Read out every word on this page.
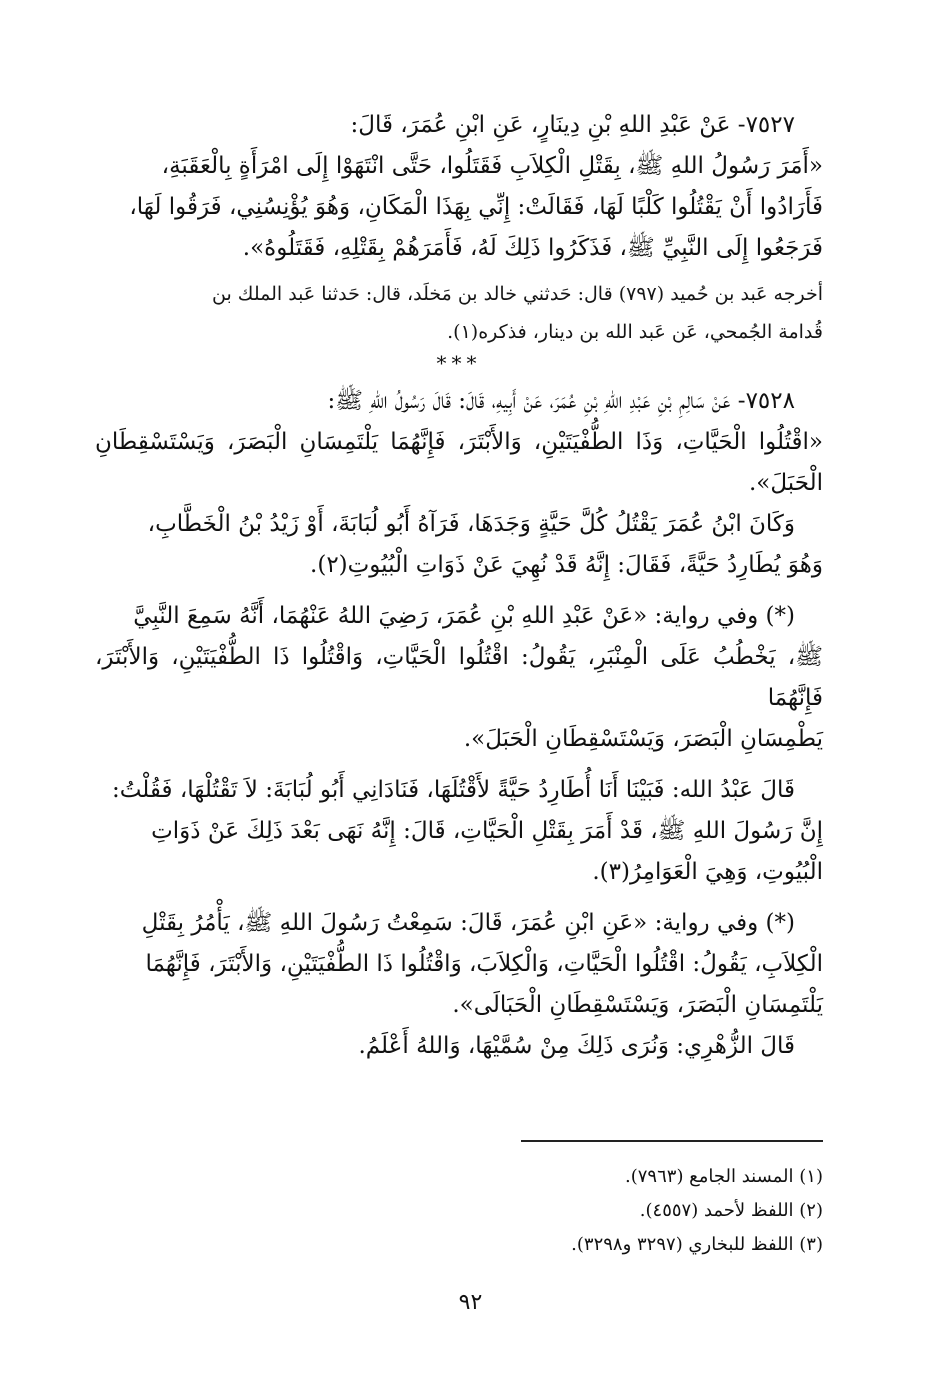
٧٥٢٧- عَنْ عَبْدِ اللهِ بْنِ دِينَارٍ، عَنِ ابْنِ عُمَرَ، قَالَ:
«أَمَرَ رَسُولُ اللهِ ﷺ، بِقَتْلِ الْكِلاَبِ فَقَتَلُوا، حَتَّى انْتَهَوْا إِلَى امْرَأَةٍ بِالْعَقَبَةِ،
فَأَرَادُوا أَنْ يَقْتُلُوا كَلْبًا لَهَا، فَقَالَتْ: إِنِّي بِهَذَا الْمَكَانِ، وَهُوَ يُؤْنِسُنِي، فَرَقُوا لَهَا،
فَرَجَعُوا إِلَى النَّبِيِّ ﷺ، فَذَكَرُوا ذَلِكَ لَهُ، فَأَمَرَهُمْ بِقَتْلِهِ، فَقَتَلُوهُ».
أخرجه عَبد بن حُميد (٧٩٧) قال: حَدثني خالد بن مَخلَد، قال: حَدثنا عَبد الملك بن
قُدامة الجُمحي، عَن عَبد الله بن دينار، فذكره(١).
***
٧٥٢٨- عَنْ سَالِمِ بْنِ عَبْدِ اللهِ بْنِ عُمَرَ، عَنْ أَبِيهِ، قَالَ: قَالَ رَسُولُ اللهِ ﷺ:
«اقْتُلُوا الْحَيَّاتِ، وَذَا الطُّفْيَتَيْنِ، وَالأَبْتَرَ، فَإِنَّهُمَا يَلْتَمِسَانِ الْبَصَرَ، وَيَسْتَسْقِطَانِ الْحَبَلَ».
وَكَانَ ابْنُ عُمَرَ يَقْتُلُ كُلَّ حَيَّةٍ وَجَدَهَا، فَرَآهُ أَبُو لُبَابَةَ، أَوْ زَيْدُ بْنُ الْخَطَّابِ،
وَهُوَ يُطَارِدُ حَيَّةً، فَقَالَ: إِنَّهُ قَدْ نُهِيَ عَنْ ذَوَاتِ الْبُيُوتِ(٢).
(*) وفي رواية: «عَنْ عَبْدِ اللهِ بْنِ عُمَرَ، رَضِيَ اللهُ عَنْهُمَا، أَنَّهُ سَمِعَ النَّبِيَّ
ﷺ، يَخْطُبُ عَلَى الْمِنْبَرِ، يَقُولُ: اقْتُلُوا الْحَيَّاتِ، وَاقْتُلُوا ذَا الطُّفْيَتَيْنِ، وَالأَبْتَرَ، فَإِنَّهُمَا
يَطْمِسَانِ الْبَصَرَ، وَيَسْتَسْقِطَانِ الْحَبَلَ».
قَالَ عَبْدُ الله: فَبَيْنَا أَنَا أُطَارِدُ حَيَّةً لأَقْتُلَهَا، فَنَادَانِي أَبُو لُبَابَةَ: لاَ تَقْتُلْهَا، فَقُلْتُ:
إِنَّ رَسُولَ اللهِ ﷺ، قَدْ أَمَرَ بِقَتْلِ الْحَيَّاتِ، قَالَ: إِنَّهُ نَهَى بَعْدَ ذَلِكَ عَنْ ذَوَاتِ
الْبُيُوتِ، وَهِيَ الْعَوَامِرُ(٣).
(*) وفي رواية: «عَنِ ابْنِ عُمَرَ، قَالَ: سَمِعْتُ رَسُولَ اللهِ ﷺ، يَأْمُرُ بِقَتْلِ
الْكِلاَبِ، يَقُولُ: اقْتُلُوا الْحَيَّاتِ، وَالْكِلاَبَ، وَاقْتُلُوا ذَا الطُّفْيَتَيْنِ، وَالأَبْتَرَ، فَإِنَّهُمَا
يَلْتَمِسَانِ الْبَصَرَ، وَيَسْتَسْقِطَانِ الْحَبَالَى».
قَالَ الزُّهْرِي: وَنُرَى ذَلِكَ مِنْ سُمَّيْهَا، وَاللهُ أَعْلَمُ.
(١) المسند الجامع (٧٩٦٣).
(٢) اللفظ لأحمد (٤٥٥٧).
(٣) اللفظ للبخاري (٣٢٩٧ و٣٢٩٨).
٩٢
